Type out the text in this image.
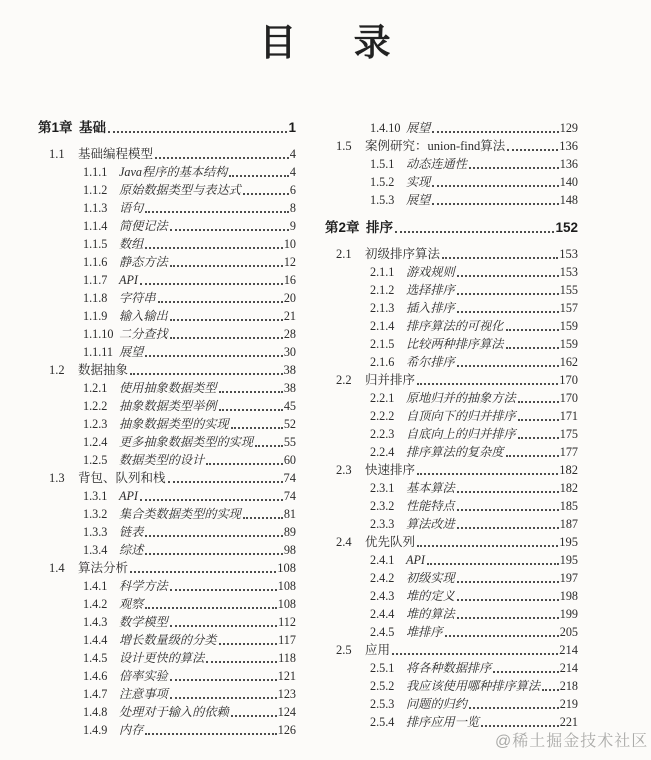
目 录
第1章 基础	1
1.1	基础编程模型	4
1.1.1 Java程序的基本结构	4
1.1.2 原始数据类型与表达式	6
1.1.3 语句	8
1.1.4 简便记法	9
1.1.5 数组	10
1.1.6 静态方法	12
1.1.7 API	16
1.1.8 字符串	20
1.1.9 输入输出	21
1.1.10 二分查找	28
1.1.11 展望	30
1.2	数据抽象	38
1.2.1 使用抽象数据类型	38
1.2.2 抽象数据类型举例	45
1.2.3 抽象数据类型的实现	52
1.2.4 更多抽象数据类型的实现	55
1.2.5 数据类型的设计	60
1.3	背包、队列和栈	74
1.3.1 API	74
1.3.2 集合类数据类型的实现	81
1.3.3 链表	89
1.3.4 综述	98
1.4	算法分析	108
1.4.1 科学方法	108
1.4.2 观察	108
1.4.3 数学模型	112
1.4.4 增长数量级的分类	117
1.4.5 设计更快的算法	118
1.4.6 倍率实验	121
1.4.7 注意事项	123
1.4.8 处理对于输入的依赖	124
1.4.9 内存	126
1.4.10 展望	129
1.5	案例研究：union-find算法	136
1.5.1 动态连通性	136
1.5.2 实现	140
1.5.3 展望	148
第2章 排序	152
2.1	初级排序算法	153
2.1.1 游戏规则	153
2.1.2 选择排序	155
2.1.3 插入排序	157
2.1.4 排序算法的可视化	159
2.1.5 比较两种排序算法	159
2.1.6 希尔排序	162
2.2	归并排序	170
2.2.1 原地归并的抽象方法	170
2.2.2 自顶向下的归并排序	171
2.2.3 自底向上的归并排序	175
2.2.4 排序算法的复杂度	177
2.3	快速排序	182
2.3.1 基本算法	182
2.3.2 性能特点	185
2.3.3 算法改进	187
2.4	优先队列	195
2.4.1 API	195
2.4.2 初级实现	197
2.4.3 堆的定义	198
2.4.4 堆的算法	199
2.4.5 堆排序	205
2.5	应用	214
2.5.1 将各种数据排序	214
2.5.2 我应该使用哪种排序算法 218
2.5.3 问题的归约	219
2.5.4 排序应用一览	221
@稀土掘金技术社区
